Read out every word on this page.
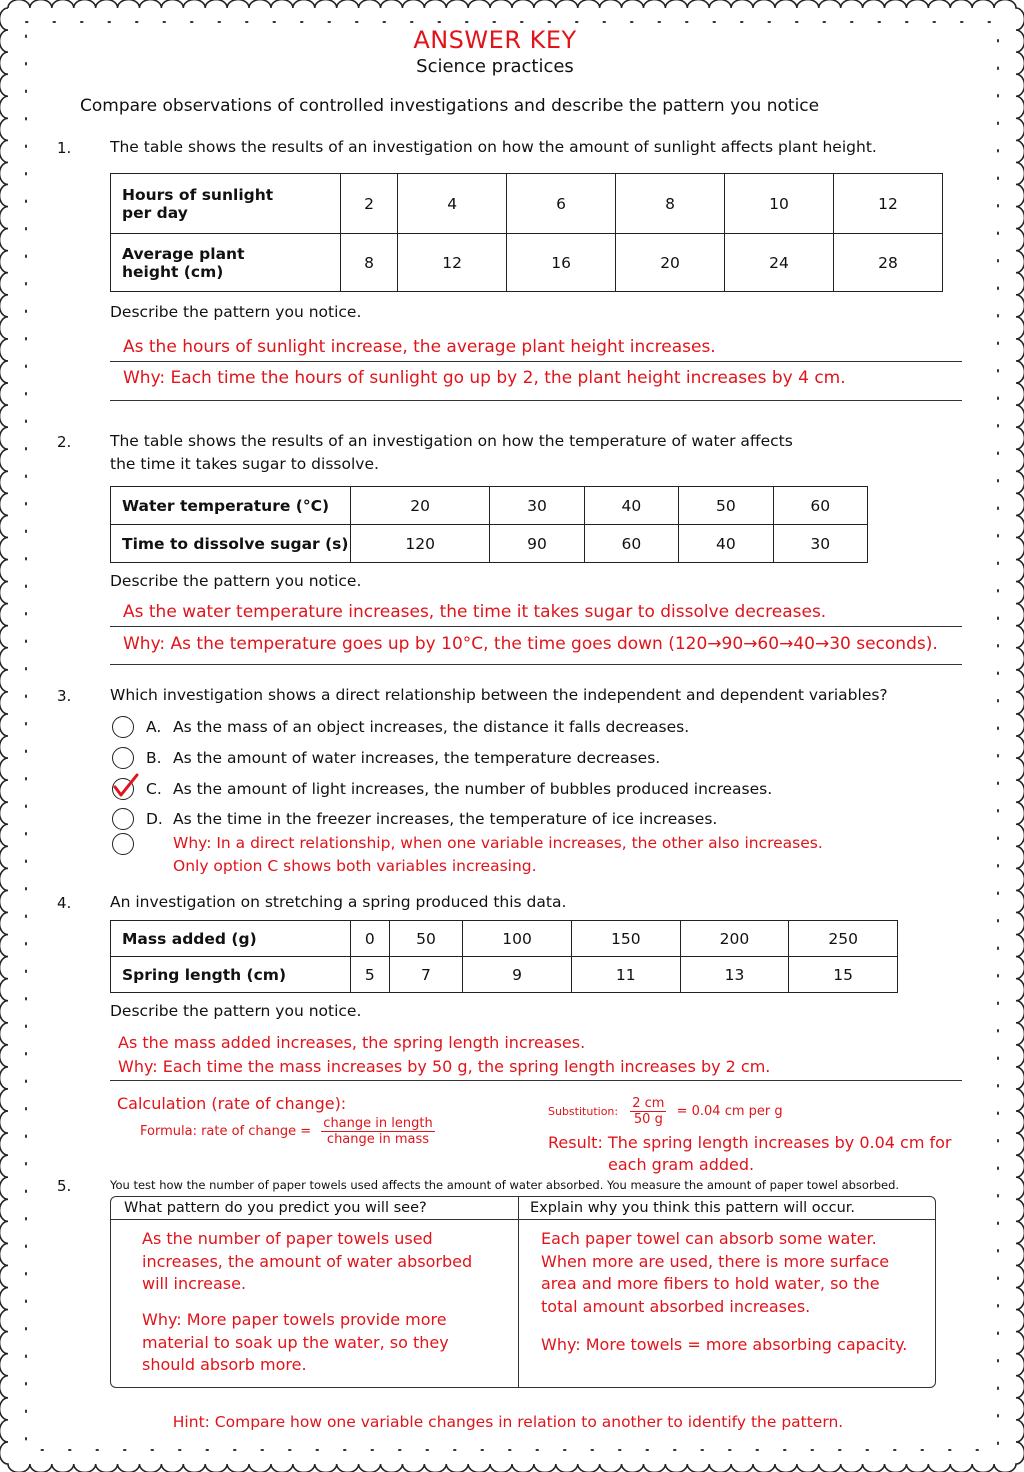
ANSWER KEY
Science practices
Compare observations of controlled investigations and describe the pattern you notice
1. The table shows the results of an investigation on how the amount of sunlight affects plant height.
Hours of sunlight per day	2	4	6	8	10	12

Average plant height (cm)	8	12	16	20	24	28
Describe the pattern you notice.
As the hours of sunlight increase, the average plant height increases.
Why: Each time the hours of sunlight go up by 2, the plant height increases by 4 cm.
2. The table shows the results of an investigation on how the temperature of water affects
the time it takes sugar to dissolve.
Water temperature (°C)	20	30	40	50	60
Time to dissolve sugar (s)	120	90	60	40	30
Describe the pattern you notice.
As the water temperature increases, the time it takes sugar to dissolve decreases.
Why: As the temperature goes up by 10°C, the time goes down (120→90→60→40→30 seconds).
3. Which investigation shows a direct relationship between the independent and dependent variables?
A. As the mass of an object increases, the distance it falls decreases.
B. As the amount of water increases, the temperature decreases.
C. As the amount of light increases, the number of bubbles produced increases.
D. As the time in the freezer increases, the temperature of ice increases.
Why: In a direct relationship, when one variable increases, the other also increases.
Only option C shows both variables increasing.
4. An investigation on stretching a spring produced this data.
Mass added (g)	0	50	100	150	200	250
Spring length (cm)	5	7	9	11	13	15
Describe the pattern you notice.
As the mass added increases, the spring length increases.
Why: Each time the mass increases by 50 g, the spring length increases by 2 cm.
Calculation (rate of change):
Formula: rate of change = $\frac{\text{change in length}}{\text{change in mass}}$
Substitution: $\frac{2 cm}{50 g} = 0.04$ cm per g
Result: The spring length increases by 0.04 cm for
each gram added.
5.	You test how the number of paper towels used affects the amount of water absorbed. You measure the amount of paper towel absorbed.
What pattern do you predict you will see?
As the number of paper towels used
increases, the amount of water absorbed
will increase.
Why: More paper towels provide more
material to soak up the water, so they
should absorb more.
Explain why you think this pattern will occur.
Each paper towel can absorb some water.
When more are used, there is more surface
area and more fibers to hold water, so the
total amount absorbed increases.
Why: More towels = more absorbing capacity.
Hint: Compare how one variable changes in relation to another to identify the pattern.
